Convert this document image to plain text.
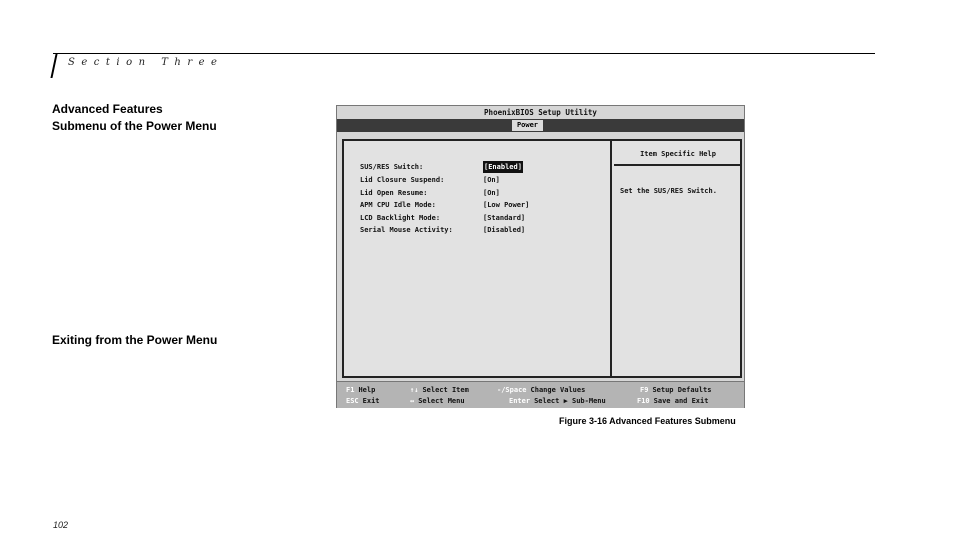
Section Three
Advanced Features
Submenu of the Power Menu
Exiting from the Power Menu
PhoenixBIOS Setup Utility
Power
Item Specific Help
Set the SUS/RES Switch.
SUS/RES Switch:	[Enabled]
Lid Closure Suspend:	[On]
Lid Open Resume:	[On]
APM CPU Idle Mode:	[Low Power]
LCD Backlight Mode:	[Standard]
Serial Mouse Activity:	[Disabled]
F1 Help	↑↓ Select Item	-/Space Change Values	F9 Setup Defaults
ESC Exit	↔ Select Menu	Enter Select ▶ Sub-Menu	F10 Save and Exit
Figure 3-16 Advanced Features Submenu
102
